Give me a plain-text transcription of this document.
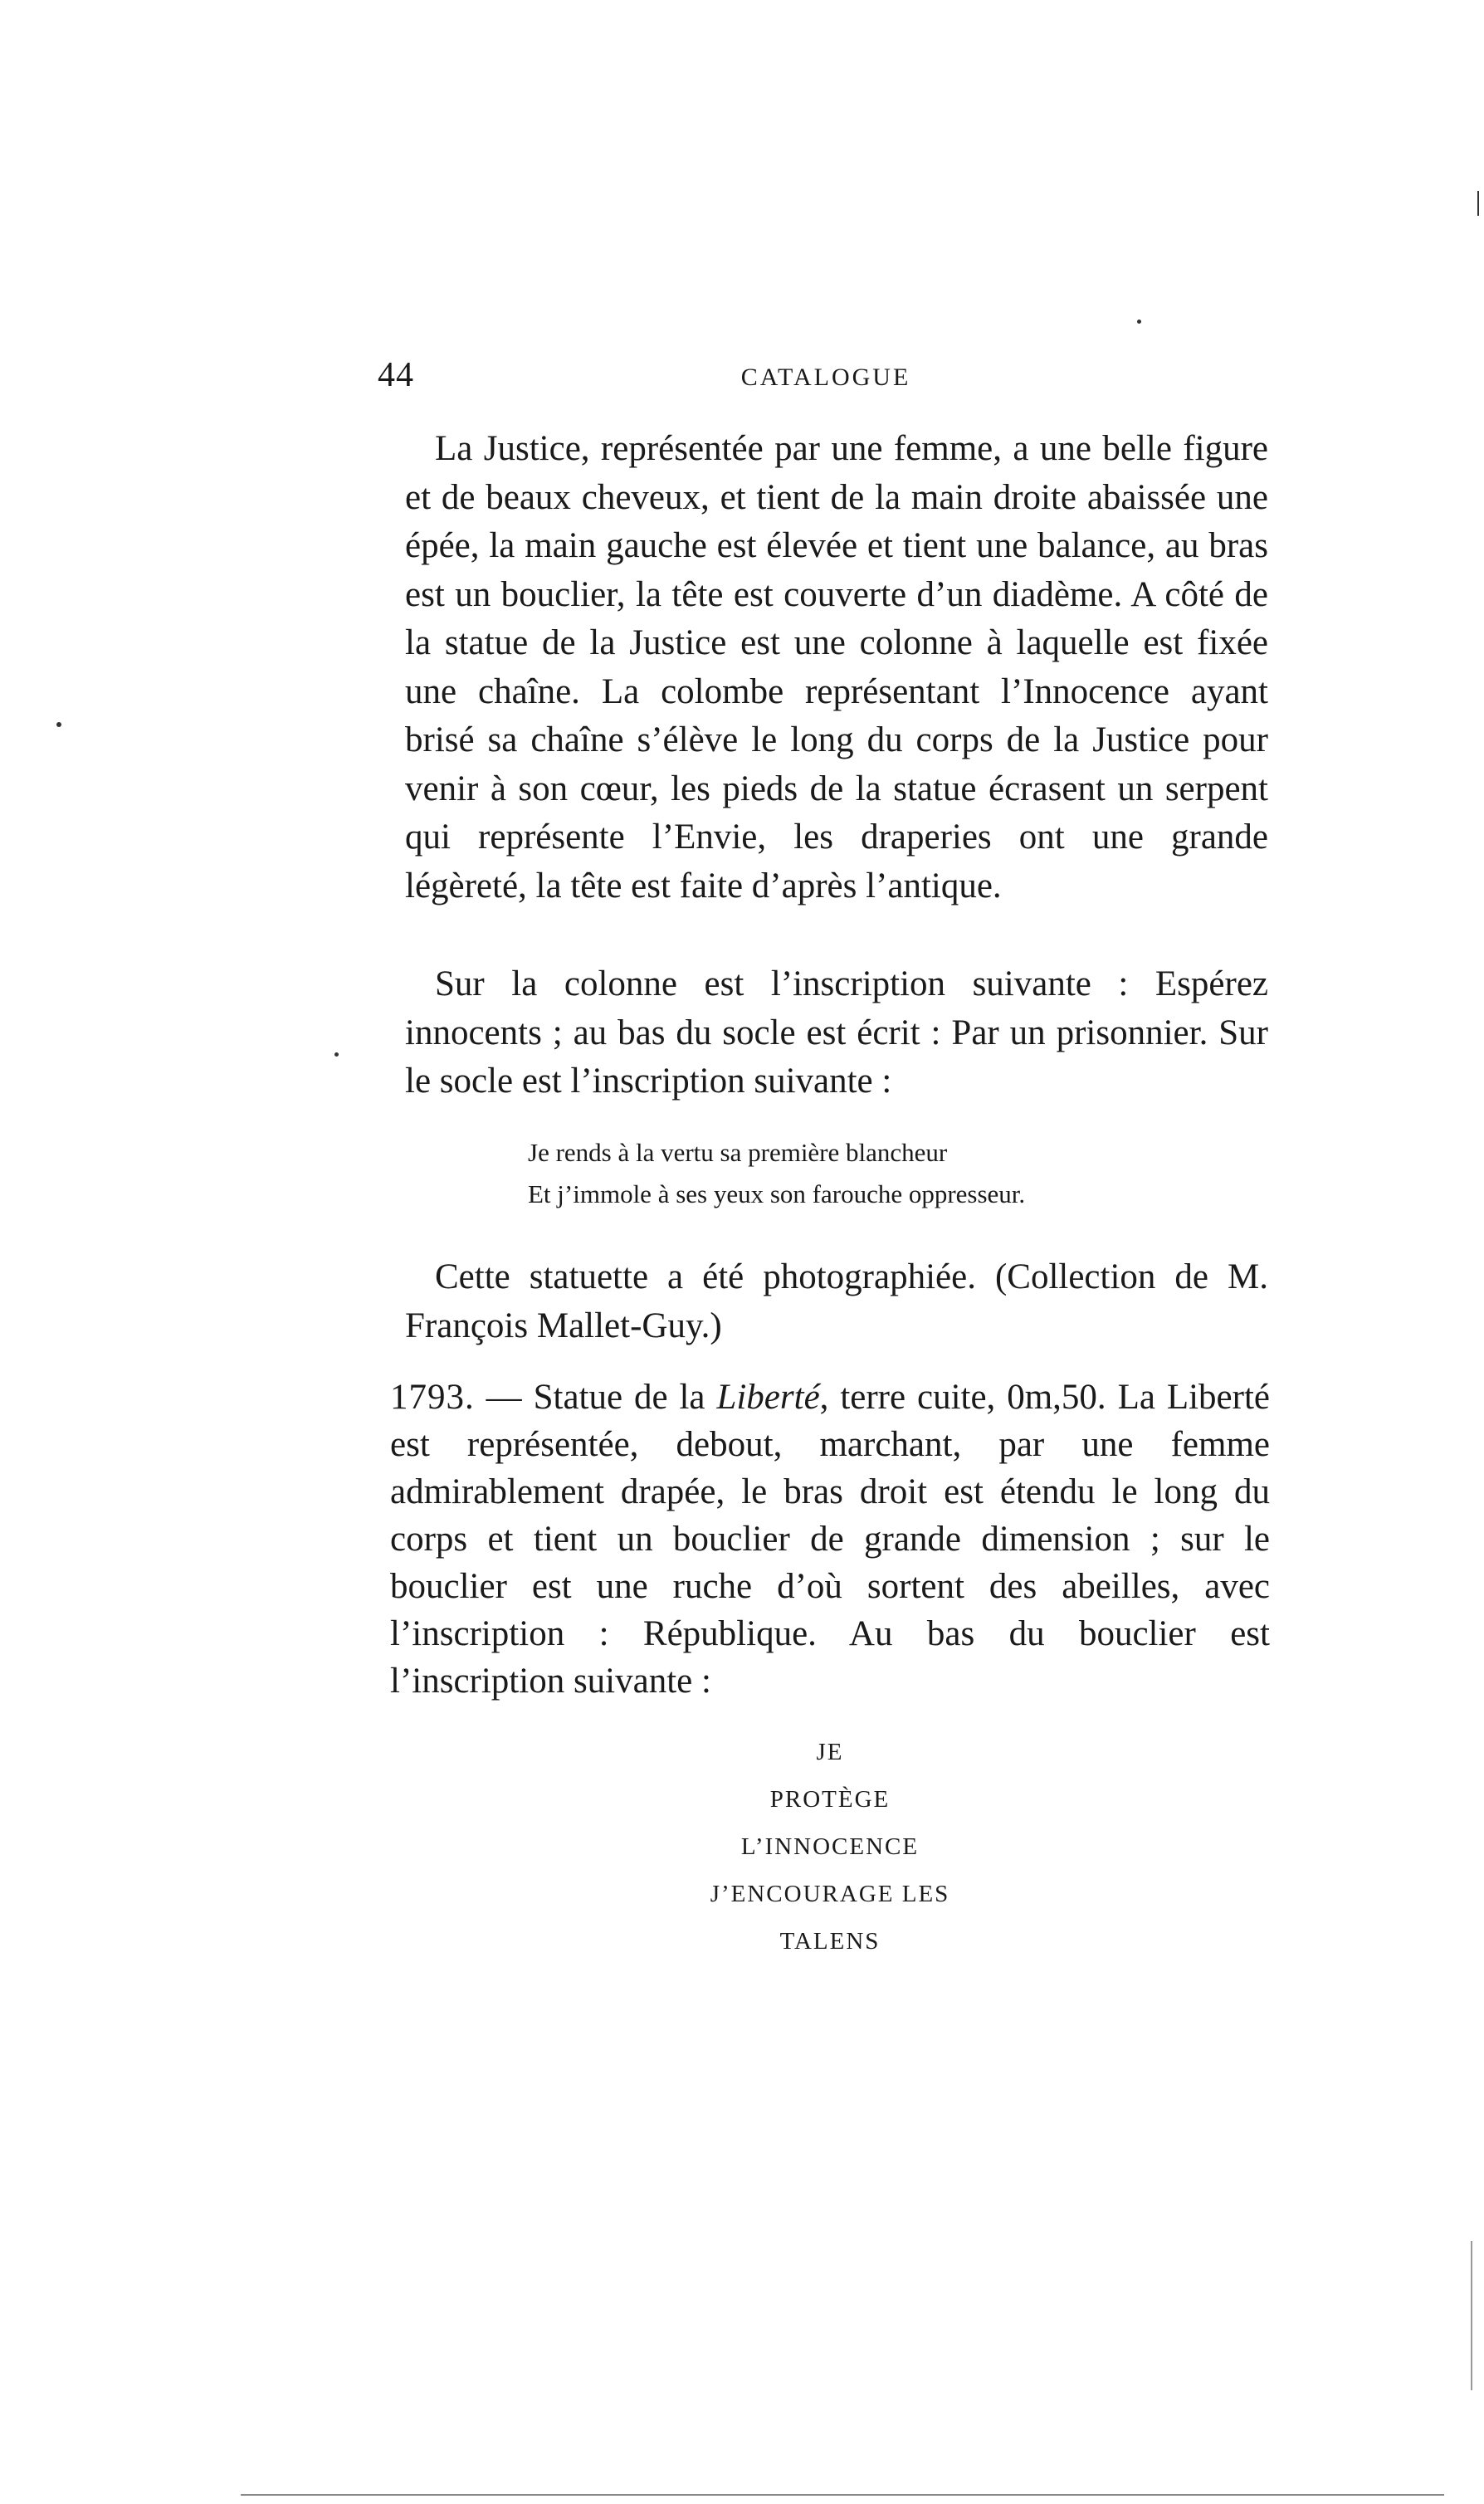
44	CATALOGUE

La Justice, représentée par une femme, a une belle figure et de beaux cheveux, et tient de la main droite abaissée une épée, la main gauche est élevée et tient une balance, au bras est un bouclier, la tête est couverte d’un diadème. A côté de la statue de la Justice est une colonne à laquelle est fixée une chaîne. La colombe représentant l’Innocence ayant brisé sa chaîne s’élève le long du corps de la Justice pour venir à son cœur, les pieds de la statue écrasent un serpent qui représente l’Envie, les draperies ont une grande légèreté, la tête est faite d’après l’antique.

Sur la colonne est l’inscription suivante : Espérez innocents ; au bas du socle est écrit : Par un prisonnier. Sur le socle est l’inscription suivante :

Je rends à la vertu sa première blancheur
Et j’immole à ses yeux son farouche oppresseur.

Cette statuette a été photographiée. (Collection de M. François Mallet-Guy.)

1793. — Statue de la Liberté, terre cuite, 0m,50. La Liberté est représentée, debout, marchant, par une femme admirablement drapée, le bras droit est étendu le long du corps et tient un bouclier de grande dimension ; sur le bouclier est une ruche d’où sortent des abeilles, avec l’inscription : République. Au bas du bouclier est l’inscription suivante :

JE
PROTÈGE
L’INNOCENCE
J’ENCOURAGE LES
TALENS
